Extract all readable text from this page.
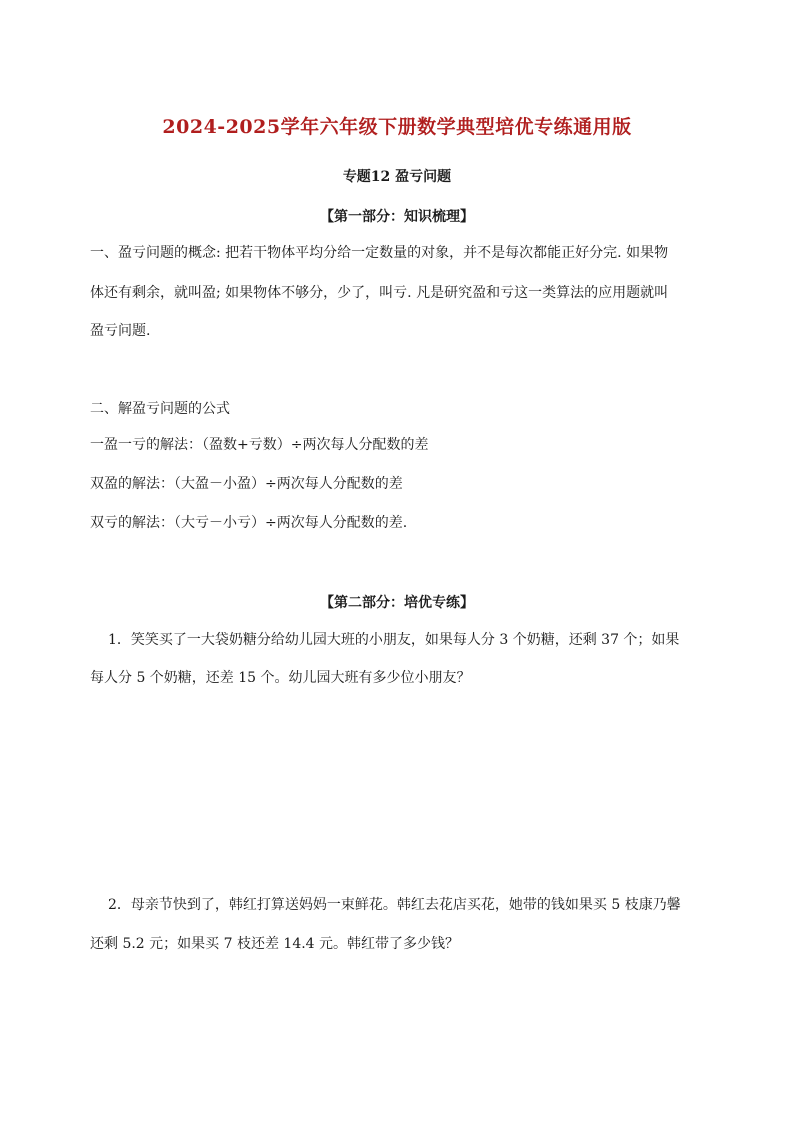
2024-2025学年六年级下册数学典型培优专练通用版
专题12 盈亏问题
【第一部分：知识梳理】
一、盈亏问题的概念: 把若干物体平均分给一定数量的对象，并不是每次都能正好分完. 如果物
体还有剩余，就叫盈; 如果物体不够分，少了，叫亏. 凡是研究盈和亏这一类算法的应用题就叫
盈亏问题.
二、解盈亏问题的公式
一盈一亏的解法：（盈数+亏数）÷两次每人分配数的差
双盈的解法：（大盈－小盈）÷两次每人分配数的差
双亏的解法：（大亏－小亏）÷两次每人分配数的差.
【第二部分：培优专练】
1．笑笑买了一大袋奶糖分给幼儿园大班的小朋友，如果每人分 3 个奶糖，还剩 37 个；如果
每人分 5 个奶糖，还差 15 个。幼儿园大班有多少位小朋友？
2．母亲节快到了，韩红打算送妈妈一束鲜花。韩红去花店买花，她带的钱如果买 5 枝康乃馨
还剩 5.2 元；如果买 7 枝还差 14.4 元。韩红带了多少钱？
